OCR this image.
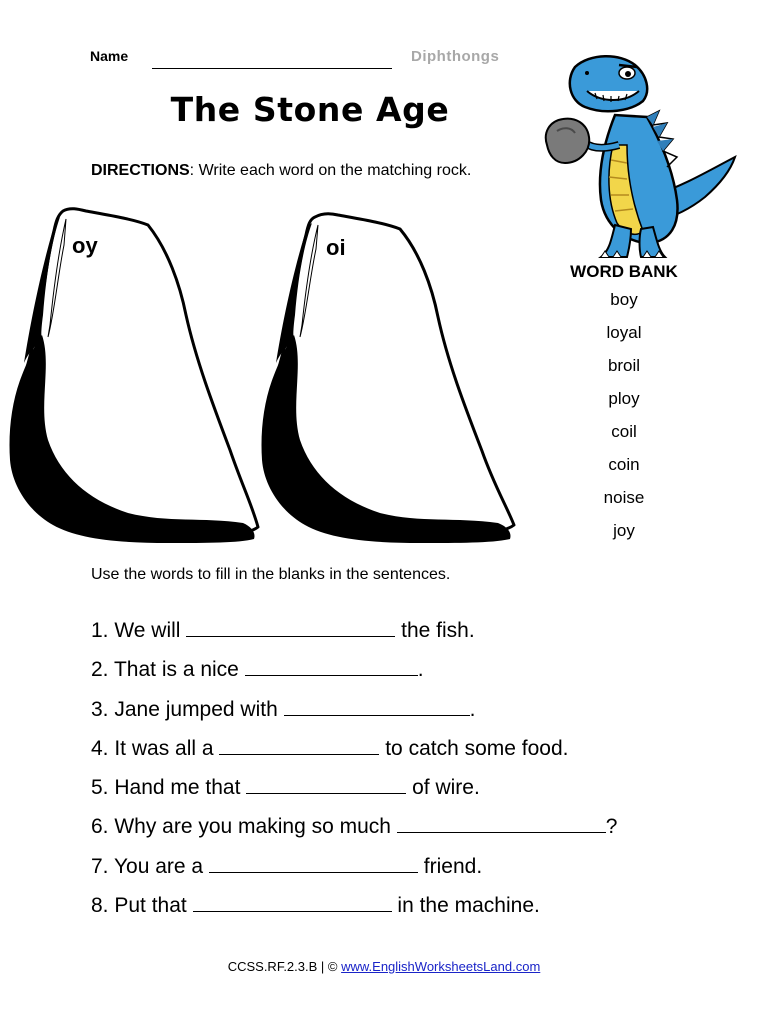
Name	Diphthongs
The Stone Age
DIRECTIONS: Write each word on the matching rock.
oy	oi
WORD BANK
boy
loyal
broil
ploy
coil
coin
noise
joy
Use the words to fill in the blanks in the sentences.
1. We will	the fish.
2. That is a nice	.
3. Jane jumped with	.
4. It was all a	to catch some food.
5. Hand me that	of wire.
6. Why are you making so much	?
7. You are a	friend.
8. Put that	in the machine.
CCSS.RF.2.3.B | © www.EnglishWorksheetsLand.com
